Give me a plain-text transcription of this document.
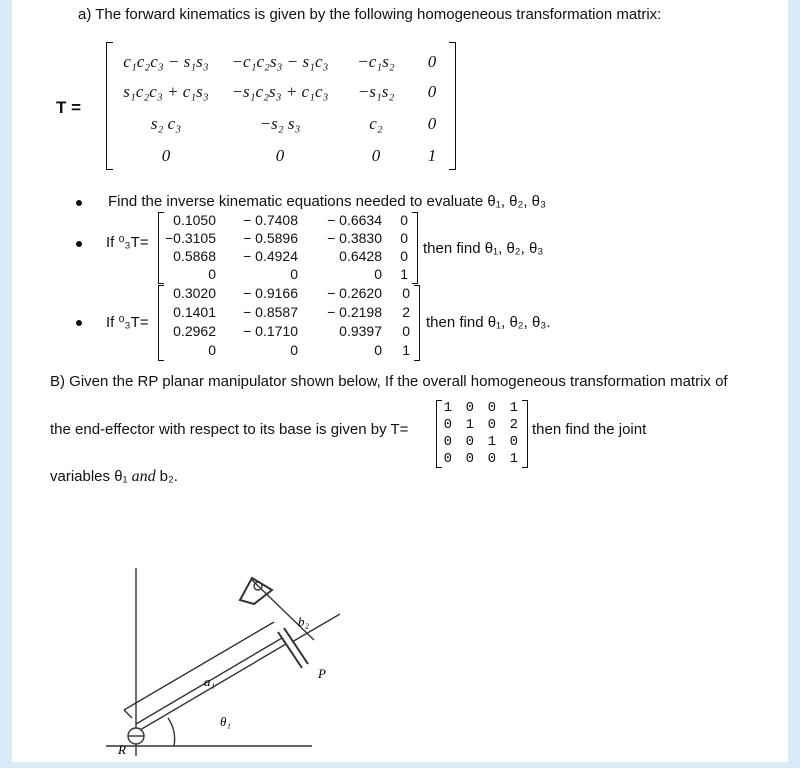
a) The forward kinematics is given by the following homogeneous transformation matrix:
T =
c₁c₂c₃ − s₁s₃	−c₁c₂s₃ − s₁c₃	−c₁s₂	0
s₁c₂c₃ + c₁s₃	−s₁c₂s₃ + c₁c₃	−s₁s₂	0
s₂ c₃	−s₂ s₃	c₂	0
0	0	0	1
Find the inverse kinematic equations needed to evaluate θ₁, θ₂, θ₃
If ⁰₃T=	then find θ₁, θ₂, θ₃
If ⁰₃T=	then find θ₁, θ₂, θ₃.
B) Given the RP planar manipulator shown below, If the overall homogeneous transformation matrix of
the end-effector with respect to its base is given by T=	then find the joint
variables θ₁ and b₂.
b₂
a₁
θ₁
P
R
0.1050	− 0.7408	− 0.6634	0
−0.3105	− 0.5896	− 0.3830	0
0.5868	− 0.4924	0.6428	0
0	0	0	1
0.3020	− 0.9166	− 0.2620	0
0.1401	− 0.8587	− 0.2198	2
0.2962	− 0.1710	0.9397	0
0	0	0	1
1 0 0 1
0 1 0 2
0 0 1 0
0 0 0 1
